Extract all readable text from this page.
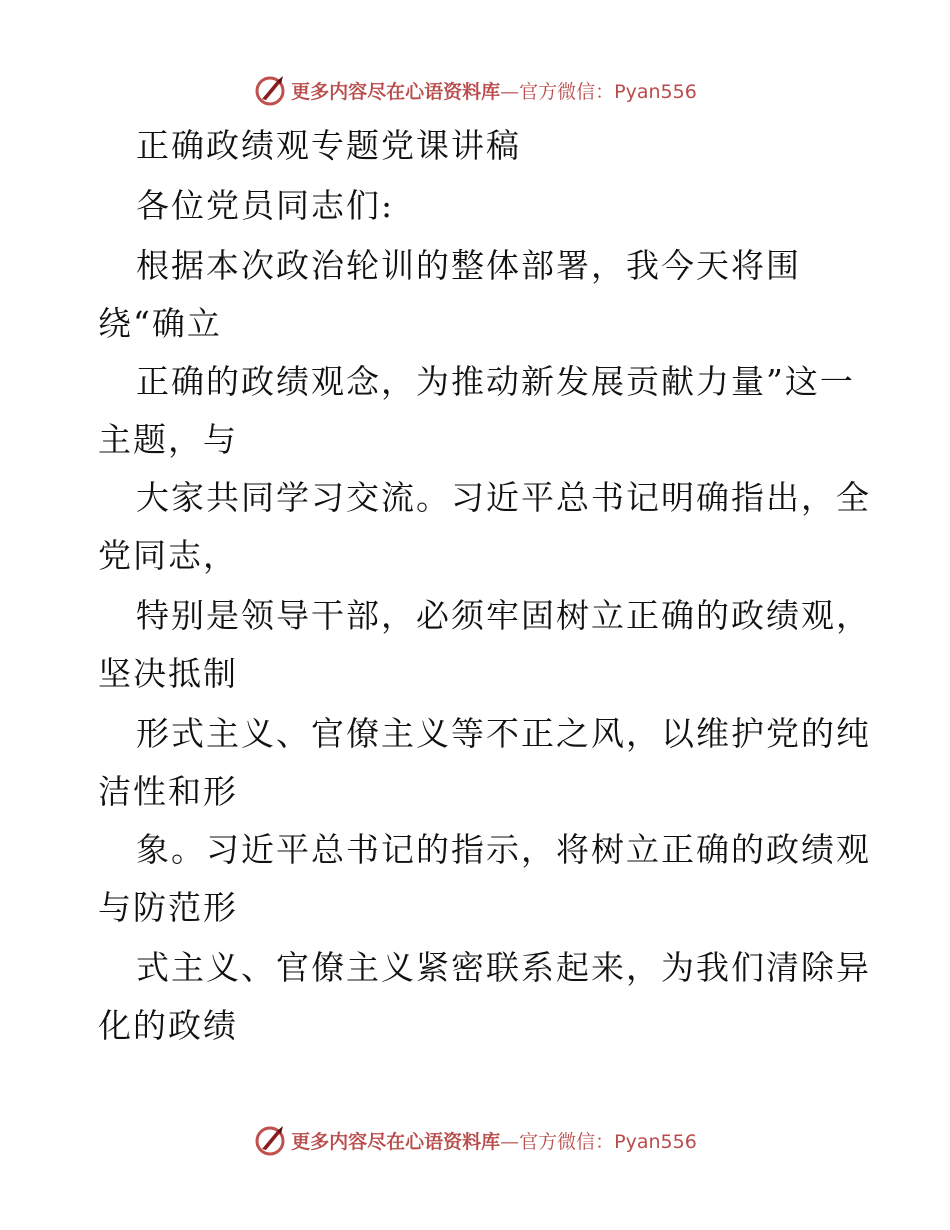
更多内容尽在心语资料库—官方微信：Pyan556
正确政绩观专题党课讲稿
各位党员同志们:
根据本次政治轮训的整体部署，我今天将围
绕“确立
正确的政绩观念，为推动新发展贡献力量”这一
主题，与
大家共同学习交流。习近平总书记明确指出，全
党同志，
特别是领导干部，必须牢固树立正确的政绩观，
坚决抵制
形式主义、官僚主义等不正之风，以维护党的纯
洁性和形
象。习近平总书记的指示，将树立正确的政绩观
与防范形
式主义、官僚主义紧密联系起来，为我们清除异
化的政绩
更多内容尽在心语资料库—官方微信：Pyan556
